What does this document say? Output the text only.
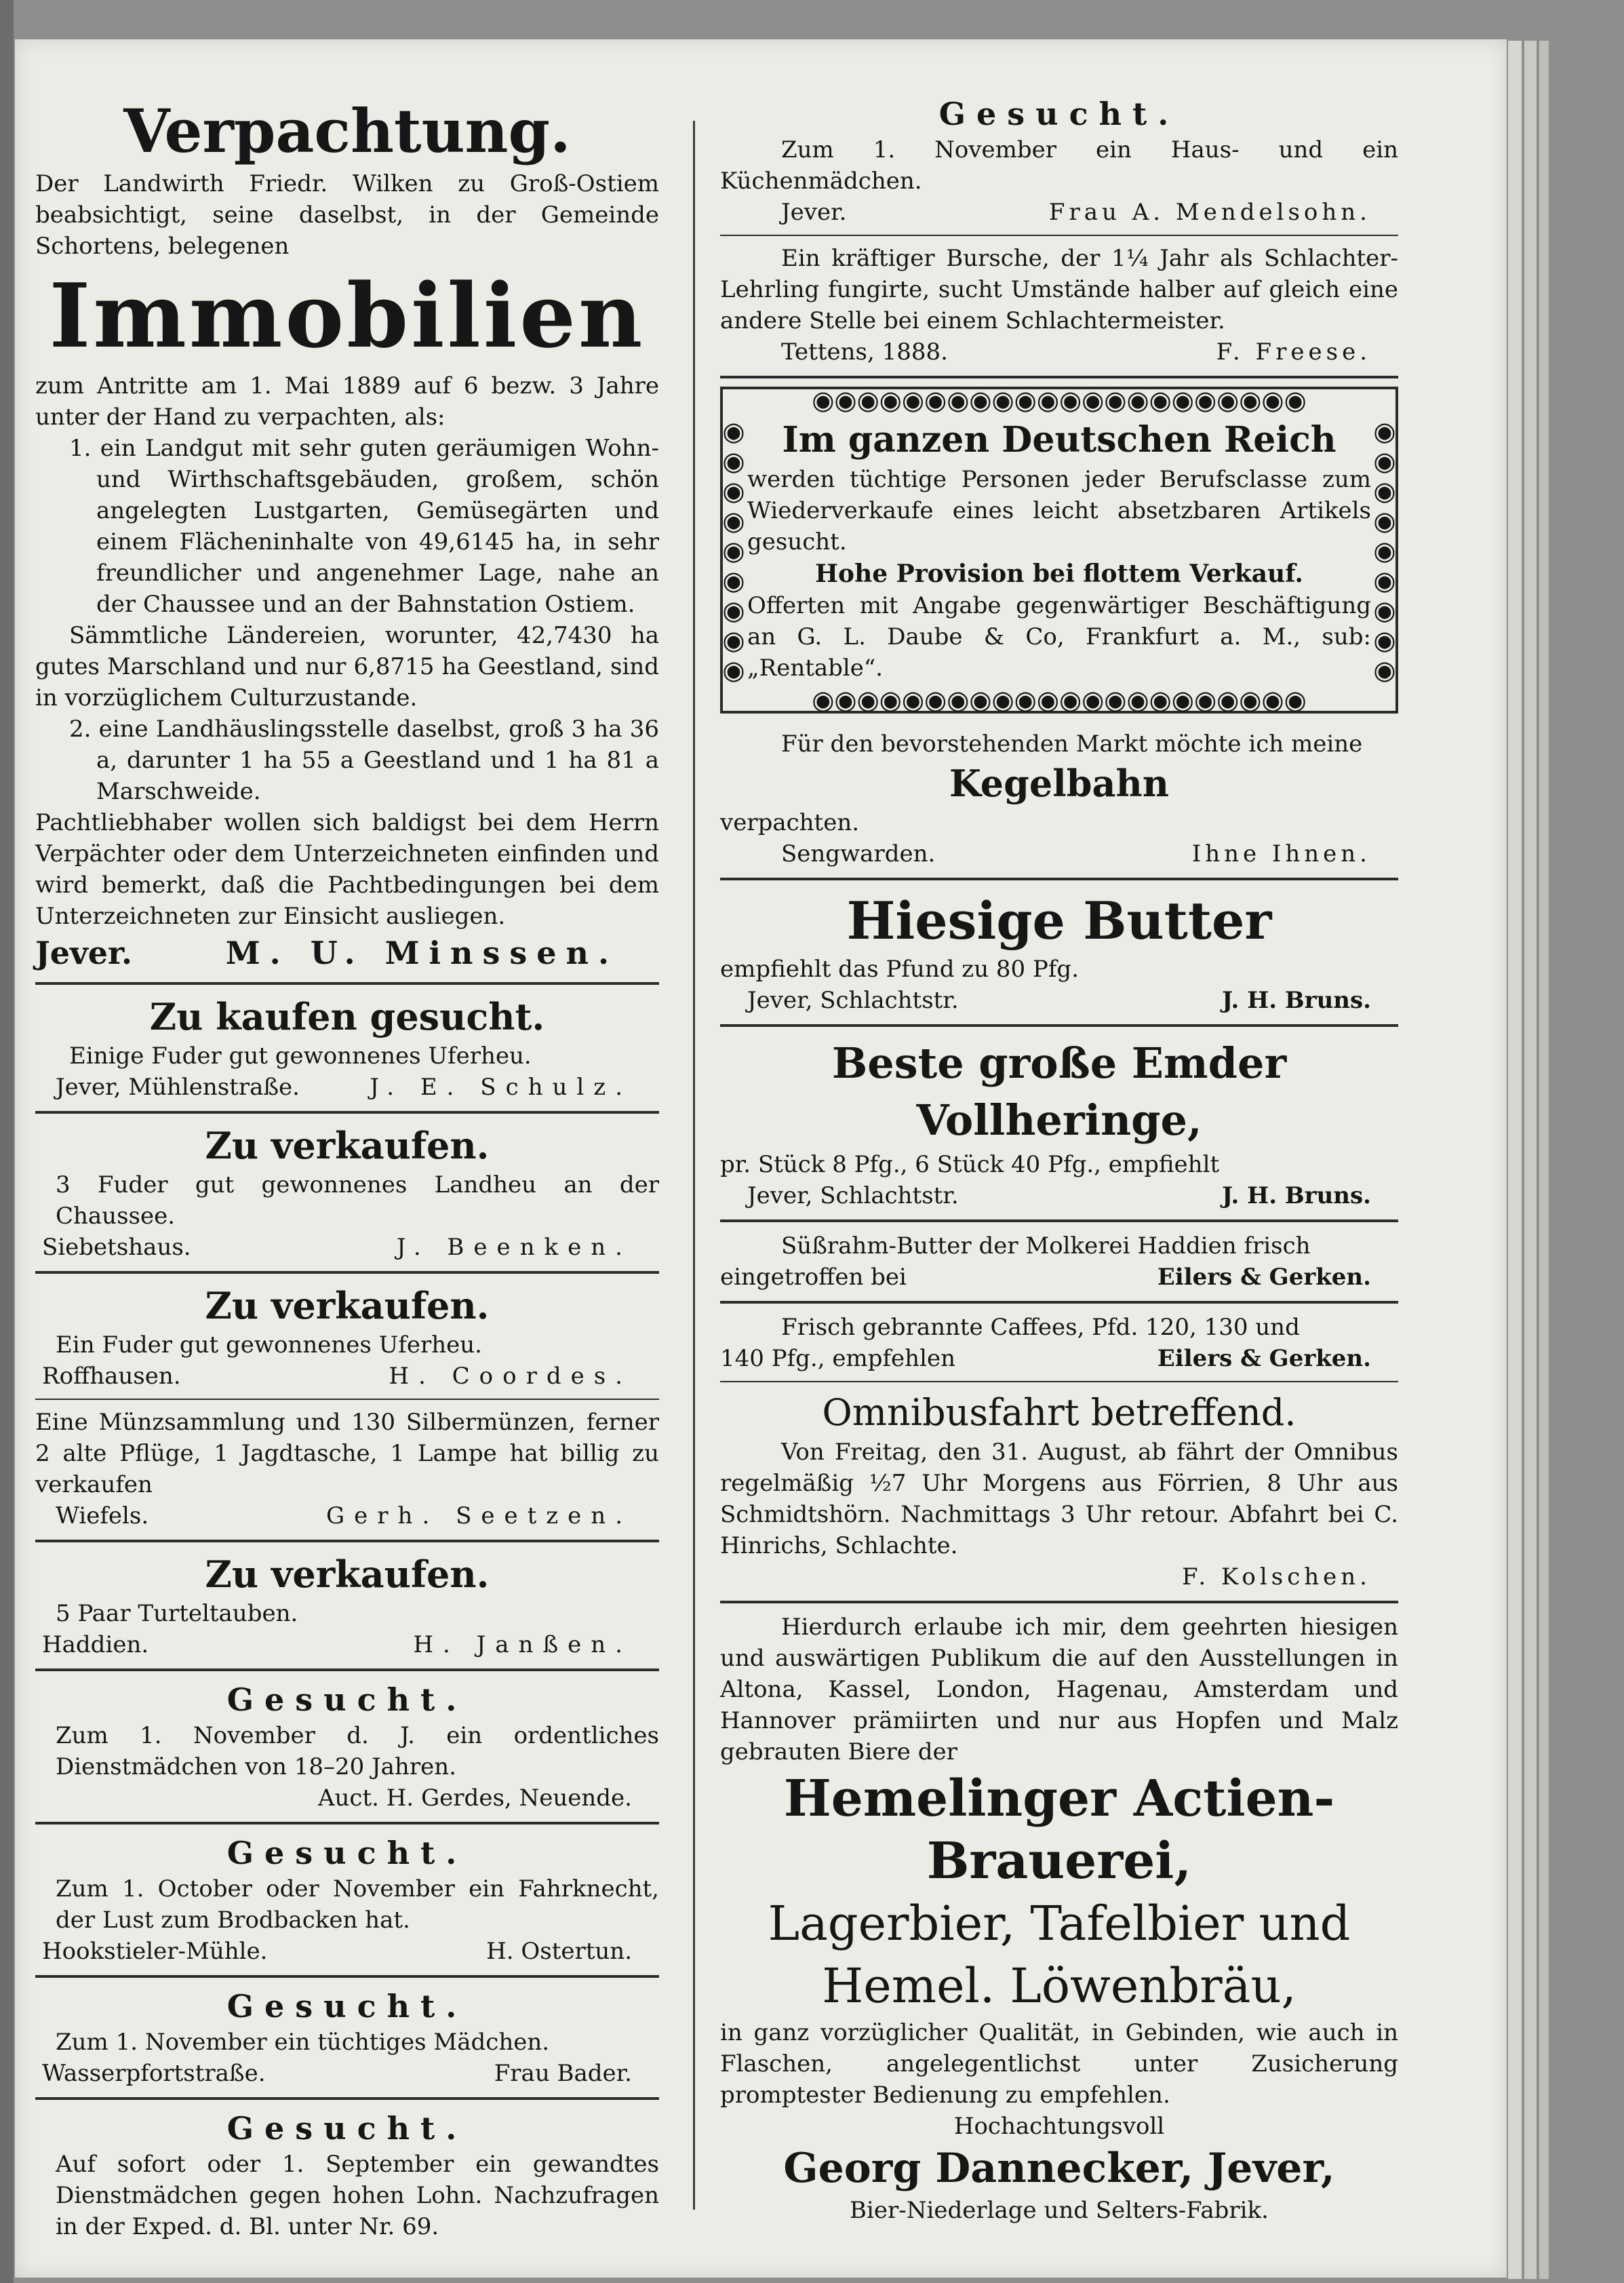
Verpachtung.
Der Landwirth Friedr. Wilken zu Groß-Ostiem beabsichtigt, seine daselbst, in der Gemeinde Schortens, belegenen
Immobilien
zum Antritte am 1. Mai 1889 auf 6 bezw. 3 Jahre unter der Hand zu verpachten, als:
1. ein Landgut mit sehr guten geräumigen Wohn- und Wirthschaftsgebäuden, großem, schön angelegten Lustgarten, Gemüsegärten und einem Flächeninhalte von 49,6145 ha, in sehr freundlicher und angenehmer Lage, nahe an der Chaussee und an der Bahnstation Ostiem.
Sämmtliche Ländereien, worunter, 42,7430 ha gutes Marschland und nur 6,8715 ha Geestland, sind in vorzüglichem Culturzustande.
2. eine Landhäuslingsstelle daselbst, groß 3 ha 36 a, darunter 1 ha 55 a Geestland und 1 ha 81 a Marschweide.
Pachtliebhaber wollen sich baldigst bei dem Herrn Verpächter oder dem Unterzeichneten einfinden und wird bemerkt, daß die Pachtbedingungen bei dem Unterzeichneten zur Einsicht ausliegen.
Jever.	M. U. Minssen.
Zu kaufen gesucht.
Einige Fuder gut gewonnenes Uferheu.
Jever, Mühlenstraße.	J. E. Schulz.
Zu verkaufen.
3 Fuder gut gewonnenes Landheu an der Chaussee.
Siebetshaus.	J. Beenken.
Zu verkaufen.
Ein Fuder gut gewonnenes Uferheu.
Roffhausen.	H. Coordes.
Eine Münzsammlung und 130 Silbermünzen, ferner 2 alte Pflüge, 1 Jagdtasche, 1 Lampe hat billig zu verkaufen
Wiefels.	Gerh. Seetzen.
Zu verkaufen.
5 Paar Turteltauben.
Haddien.	H. Janßen.
Gesucht.
Zum 1. November d. J. ein ordentliches Dienstmädchen von 18–20 Jahren.
Auct. H. Gerdes, Neuende.
Gesucht.
Zum 1. October oder November ein Fahrknecht, der Lust zum Brodbacken hat.
Hookstieler-Mühle.	H. Ostertun.
Gesucht.
Zum 1. November ein tüchtiges Mädchen.
Wasserpfortstraße.	Frau Bader.
Gesucht.
Auf sofort oder 1. September ein gewandtes Dienstmädchen gegen hohen Lohn. Nachzufragen in der Exped. d. Bl. unter Nr. 69.
Gesucht.
Zum 1. November ein Haus- und ein Küchenmädchen.
Jever.	Frau A. Mendelsohn.
Ein kräftiger Bursche, der 1¼ Jahr als Schlachter-Lehrling fungirte, sucht Umstände halber auf gleich eine andere Stelle bei einem Schlachtermeister.
Tettens, 1888.	F. Freese.
◉◉◉◉◉◉◉◉◉◉◉◉◉◉◉◉◉◉◉◉◉◉
◉
◉
◉
◉
◉
◉
◉
◉
◉
◉
◉
◉
◉
◉
◉
◉
◉
◉
Im ganzen Deutschen Reich
werden tüchtige Personen jeder Berufsclasse zum Wiederverkaufe eines leicht absetzbaren Artikels gesucht.
Hohe Provision bei flottem Verkauf.
Offerten mit Angabe gegenwärtiger Beschäftigung an G. L. Daube & Co, Frankfurt a. M., sub: „Rentable“.
◉◉◉◉◉◉◉◉◉◉◉◉◉◉◉◉◉◉◉◉◉◉
Für den bevorstehenden Markt möchte ich meine
Kegelbahn
verpachten.
Sengwarden.	Ihne Ihnen.
Hiesige Butter
empfiehlt das Pfund zu 80 Pfg.
Jever, Schlachtstr.	J. H. Bruns.
Beste große Emder Vollheringe,
pr. Stück 8 Pfg., 6 Stück 40 Pfg., empfiehlt
Jever, Schlachtstr.	J. H. Bruns.
Süßrahm-Butter der Molkerei Haddien frisch
eingetroffen bei	Eilers & Gerken.
Frisch gebrannte Caffees, Pfd. 120, 130 und
140 Pfg., empfehlen	Eilers & Gerken.
Omnibusfahrt betreffend.
Von Freitag, den 31. August, ab fährt der Omnibus regelmäßig ½7 Uhr Morgens aus Förrien, 8 Uhr aus Schmidtshörn. Nachmittags 3 Uhr retour. Abfahrt bei C. Hinrichs, Schlachte.
F. Kolschen.
Hierdurch erlaube ich mir, dem geehrten hiesigen und auswärtigen Publikum die auf den Ausstellungen in Altona, Kassel, London, Hagenau, Amsterdam und Hannover prämiirten und nur aus Hopfen und Malz gebrauten Biere der
Hemelinger Actien-
Brauerei,
Lagerbier, Tafelbier und
Hemel. Löwenbräu,
in ganz vorzüglicher Qualität, in Gebinden, wie auch in Flaschen, angelegentlichst unter Zusicherung promptester Bedienung zu empfehlen.
Hochachtungsvoll
Georg Dannecker, Jever,
Bier-Niederlage und Selters-Fabrik.
